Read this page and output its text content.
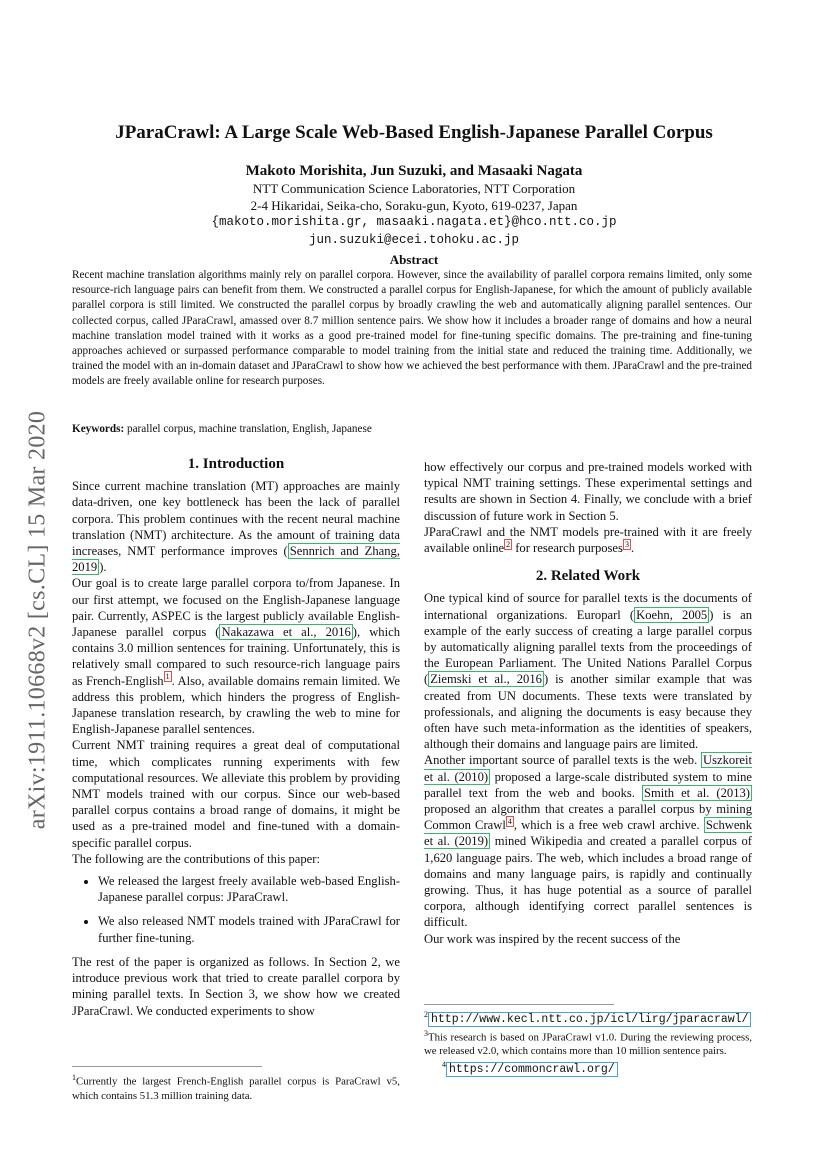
arXiv:1911.10668v2 [cs.CL] 15 Mar 2020
JParaCrawl: A Large Scale Web-Based English-Japanese Parallel Corpus
Makoto Morishita, Jun Suzuki, and Masaaki Nagata
NTT Communication Science Laboratories, NTT Corporation
2-4 Hikaridai, Seika-cho, Soraku-gun, Kyoto, 619-0237, Japan
{makoto.morishita.gr, masaaki.nagata.et}@hco.ntt.co.jp
jun.suzuki@ecei.tohoku.ac.jp
Abstract
Recent machine translation algorithms mainly rely on parallel corpora. However, since the availability of parallel corpora remains limited, only some resource-rich language pairs can benefit from them. We constructed a parallel corpus for English-Japanese, for which the amount of publicly available parallel corpora is still limited. We constructed the parallel corpus by broadly crawling the web and automatically aligning parallel sentences. Our collected corpus, called JParaCrawl, amassed over 8.7 million sentence pairs. We show how it includes a broader range of domains and how a neural machine translation model trained with it works as a good pre-trained model for fine-tuning specific domains. The pre-training and fine-tuning approaches achieved or surpassed performance comparable to model training from the initial state and reduced the training time. Additionally, we trained the model with an in-domain dataset and JParaCrawl to show how we achieved the best performance with them. JParaCrawl and the pre-trained models are freely available online for research purposes.
Keywords: parallel corpus, machine translation, English, Japanese

1. Introduction

Since current machine translation (MT) approaches are mainly data-driven, one key bottleneck has been the lack of parallel corpora. This problem continues with the recent neural machine translation (NMT) architecture. As the amount of training data increases, NMT performance improves ( Sennrich and Zhang, 2019 ).

Our goal is to create large parallel corpora to/from Japanese. In our first attempt, we focused on the English-Japanese language pair. Currently, ASPEC is the largest publicly available English-Japanese parallel corpus ( Nakazawa et al., 2016 ), which contains 3.0 million sentences for training. Unfortunately, this is relatively small compared to such resource-rich language pairs as French-English $^1$ . Also, available domains remain limited. We address this problem, which hinders the progress of English-Japanese translation research, by crawling the web to mine for English-Japanese parallel sentences.

Current NMT training requires a great deal of computational time, which complicates running experiments with few computational resources. We alleviate this problem by providing NMT models trained with our corpus. Since our web-based parallel corpus contains a broad range of domains, it might be used as a pre-trained model and fine-tuned with a domain-specific parallel corpus.

The following are the contributions of this paper:

• We released the largest freely available web-based English-Japanese parallel corpus: JParaCrawl.
• We also released NMT models trained with JParaCrawl for further fine-tuning.

The rest of the paper is organized as follows. In Section 2, we introduce previous work that tried to create parallel corpora by mining parallel texts. In Section 3, we show how we created JParaCrawl. We conducted experiments to show

$^1$Currently the largest French-English parallel corpus is ParaCrawl v5, which contains 51.3 million training data.

how effectively our corpus and pre-trained models worked with typical NMT training settings. These experimental settings and results are shown in Section 4. Finally, we conclude with a brief discussion of future work in Section 5.

JParaCrawl and the NMT models pre-trained with it are freely available online $^2$ for research purposes $^3$ .

2. Related Work

One typical kind of source for parallel texts is the documents of international organizations. Europarl ( Koehn, 2005 ) is an example of the early success of creating a large parallel corpus by automatically aligning parallel texts from the proceedings of the European Parliament. The United Nations Parallel Corpus ( Ziemski et al., 2016 ) is another similar example that was created from UN documents. These texts were translated by professionals, and aligning the documents is easy because they often have such meta-information as the identities of speakers, although their domains and language pairs are limited.

Another important source of parallel texts is the web. Uszkoreit et al. (2010) proposed a large-scale distributed system to mine parallel text from the web and books. Smith et al. (2013) proposed an algorithm that creates a parallel corpus by mining Common Crawl $^4$ , which is a free web crawl archive. Schwenk et al. (2019) mined Wikipedia and created a parallel corpus of 1,620 language pairs. The web, which includes a broad range of domains and many language pairs, is rapidly and continually growing. Thus, it has huge potential as a source of parallel corpora, although identifying correct parallel sentences is difficult.

Our work was inspired by the recent success of the

$^2$ http://www.kecl.ntt.co.jp/icl/lirg/jparacrawl/

$^3$This research is based on JParaCrawl v1.0. During the reviewing process, we released v2.0, which contains more than 10 million sentence pairs.

$^4$ https://commoncrawl.org/
